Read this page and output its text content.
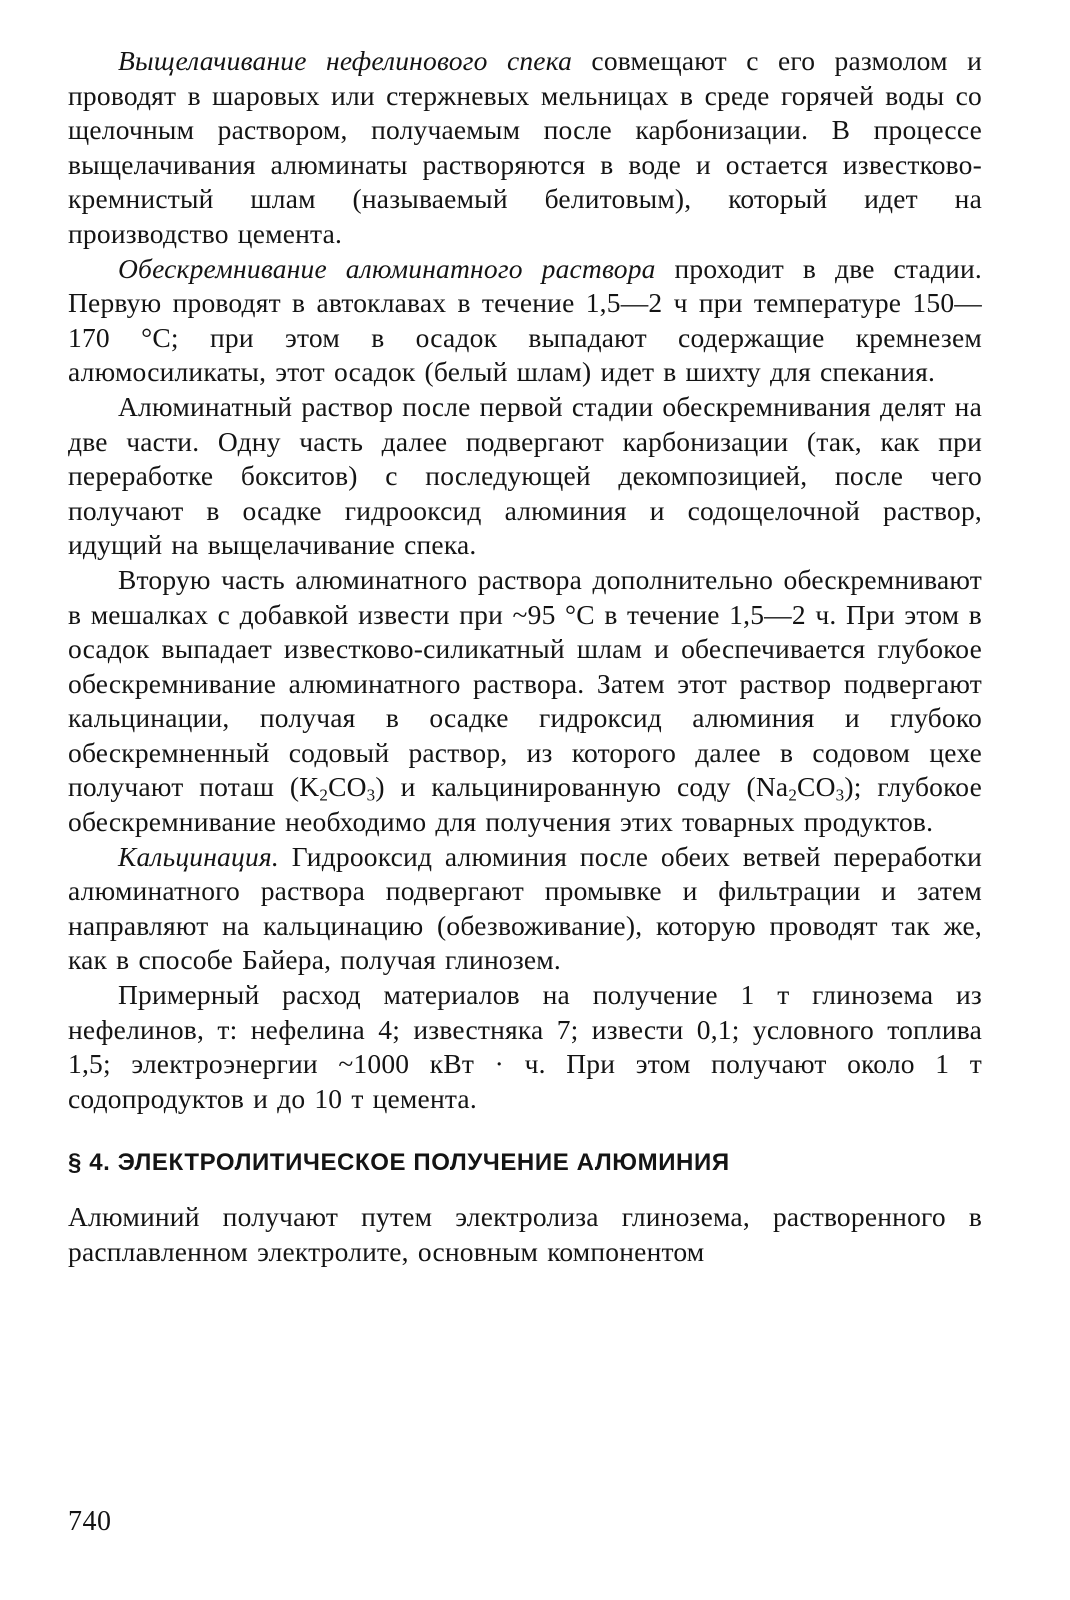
Выщелачивание нефелинового спека совмещают с его размолом и проводят в шаровых или стержневых мельницах в среде горячей воды со щелочным раствором, получаемым после карбонизации. В процессе выщелачивания алюминаты растворяются в воде и остается известково-кремнистый шлам (называемый белитовым), который идет на производство цемента.

Обескремнивание алюминатного раствора проходит в две стадии. Первую проводят в автоклавах в течение 1,5—2 ч при температуре 150—170 °С; при этом в осадок выпадают содержащие кремнезем алюмосиликаты, этот осадок (белый шлам) идет в шихту для спекания.

Алюминатный раствор после первой стадии обескремнивания делят на две части. Одну часть далее подвергают карбонизации (так, как при переработке бокситов) с последующей декомпозицией, после чего получают в осадке гидрооксид алюминия и содощелочной раствор, идущий на выщелачивание спека.

Вторую часть алюминатного раствора дополнительно обескремнивают в мешалках с добавкой извести при ~95 °С в течение 1,5—2 ч. При этом в осадок выпадает известково-силикатный шлам и обеспечивается глубокое обескремнивание алюминатного раствора. Затем этот раствор подвергают кальцинации, получая в осадке гидроксид алюминия и глубоко обескремненный содовый раствор, из которого далее в содовом цехе получают поташ $(K_2CO_3)$ и кальцинированную соду $(Na_2CO_3)$; глубокое обескремнивание необходимо для получения этих товарных продуктов.

Кальцинация. Гидрооксид алюминия после обеих ветвей переработки алюминатного раствора подвергают промывке и фильтрации и затем направляют на кальцинацию (обезвоживание), которую проводят так же, как в способе Байера, получая глинозем.

Примерный расход материалов на получение 1 т глинозема из нефелинов, т: нефелина 4; известняка 7; извести 0,1; условного топлива 1,5; электроэнергии ~1000 кВт · ч. При этом получают около 1 т содопродуктов и до 10 т цемента.

§ 4. ЭЛЕКТРОЛИТИЧЕСКОЕ ПОЛУЧЕНИЕ АЛЮМИНИЯ

Алюминий получают путем электролиза глинозема, растворенного в расплавленном электролите, основным компонентом

740
